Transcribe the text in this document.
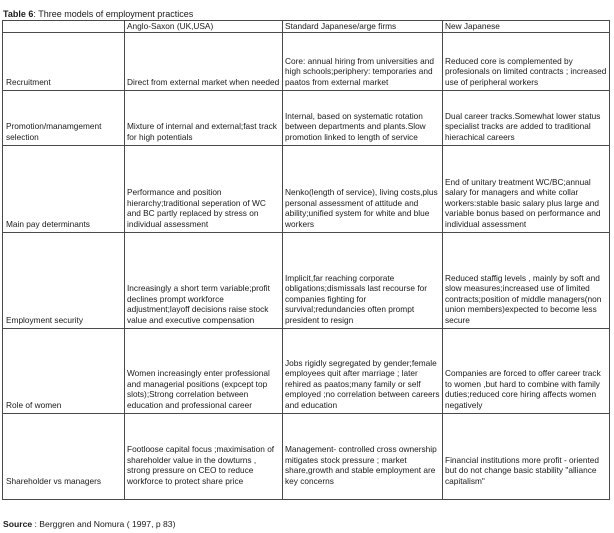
Table 6: Three models of employment practices
	Anglo-Saxon (UK,USA)	Standard Japanese/arge firms	New Japanese
Recruitment	Direct from external market when needed	Core: annual hiring from universities and high schools;periphery: temporaries and paatos from external market	Reduced core is complemented by profesionals on limited contracts ; increased use of peripheral workers
Promotion/manamgement selection	Mixture of internal and external;fast track for high potentials	Internal, based on systematic rotation between departments and plants.Slow promotion linked to length of service	Dual career tracks.Somewhat lower status specialist tracks are added to traditional hierachical careers
Main pay determinants	Performance and position hierarchy;traditional seperation of WC and BC partly replaced by stress on individual assessment	Nenko(length of service), living costs,plus personal assessment of attitude and ability;unified system for white and blue workers	End of unitary treatment WC/BC;annual salary for managers and white collar workers:stable basic salary plus large and variable bonus based on performance and individual assessment
Employment security	Increasingly a short term variable;profit declines prompt workforce adjustment;layoff decisions raise stock value and executive compensation	Implicit,far reaching corporate obligations;dismissals last recourse for companies fighting for survival;redundancies often prompt president to resign	Reduced staffig levels , mainly by soft and slow measures;increased use of limited contracts;position of middle managers(non union members)expected to become less secure
Role of women	Women increasingly enter professional and managerial positions (expcept top slots);Strong correlation between education and professional career	Jobs rigidly segregated by gender;female employees quit after marriage ; later rehired as paatos;many family or self employed ;no correlation between careers and education	Companies are forced to offer career track to women ,but hard to combine with family duties;reduced core hiring affects women negatively
Shareholder vs managers	Footloose capital focus ;maximisation of shareholder value in the dowturns , strong pressure on CEO to reduce workforce to protect share price	Management- controlled cross ownership mitigates stock pressure ; market share,growth and stable employment are key concerns	Financial institutions more profit - oriented but do not change basic stability "alliance capitalism"
Source : Berggren and Nomura ( 1997, p 83)
